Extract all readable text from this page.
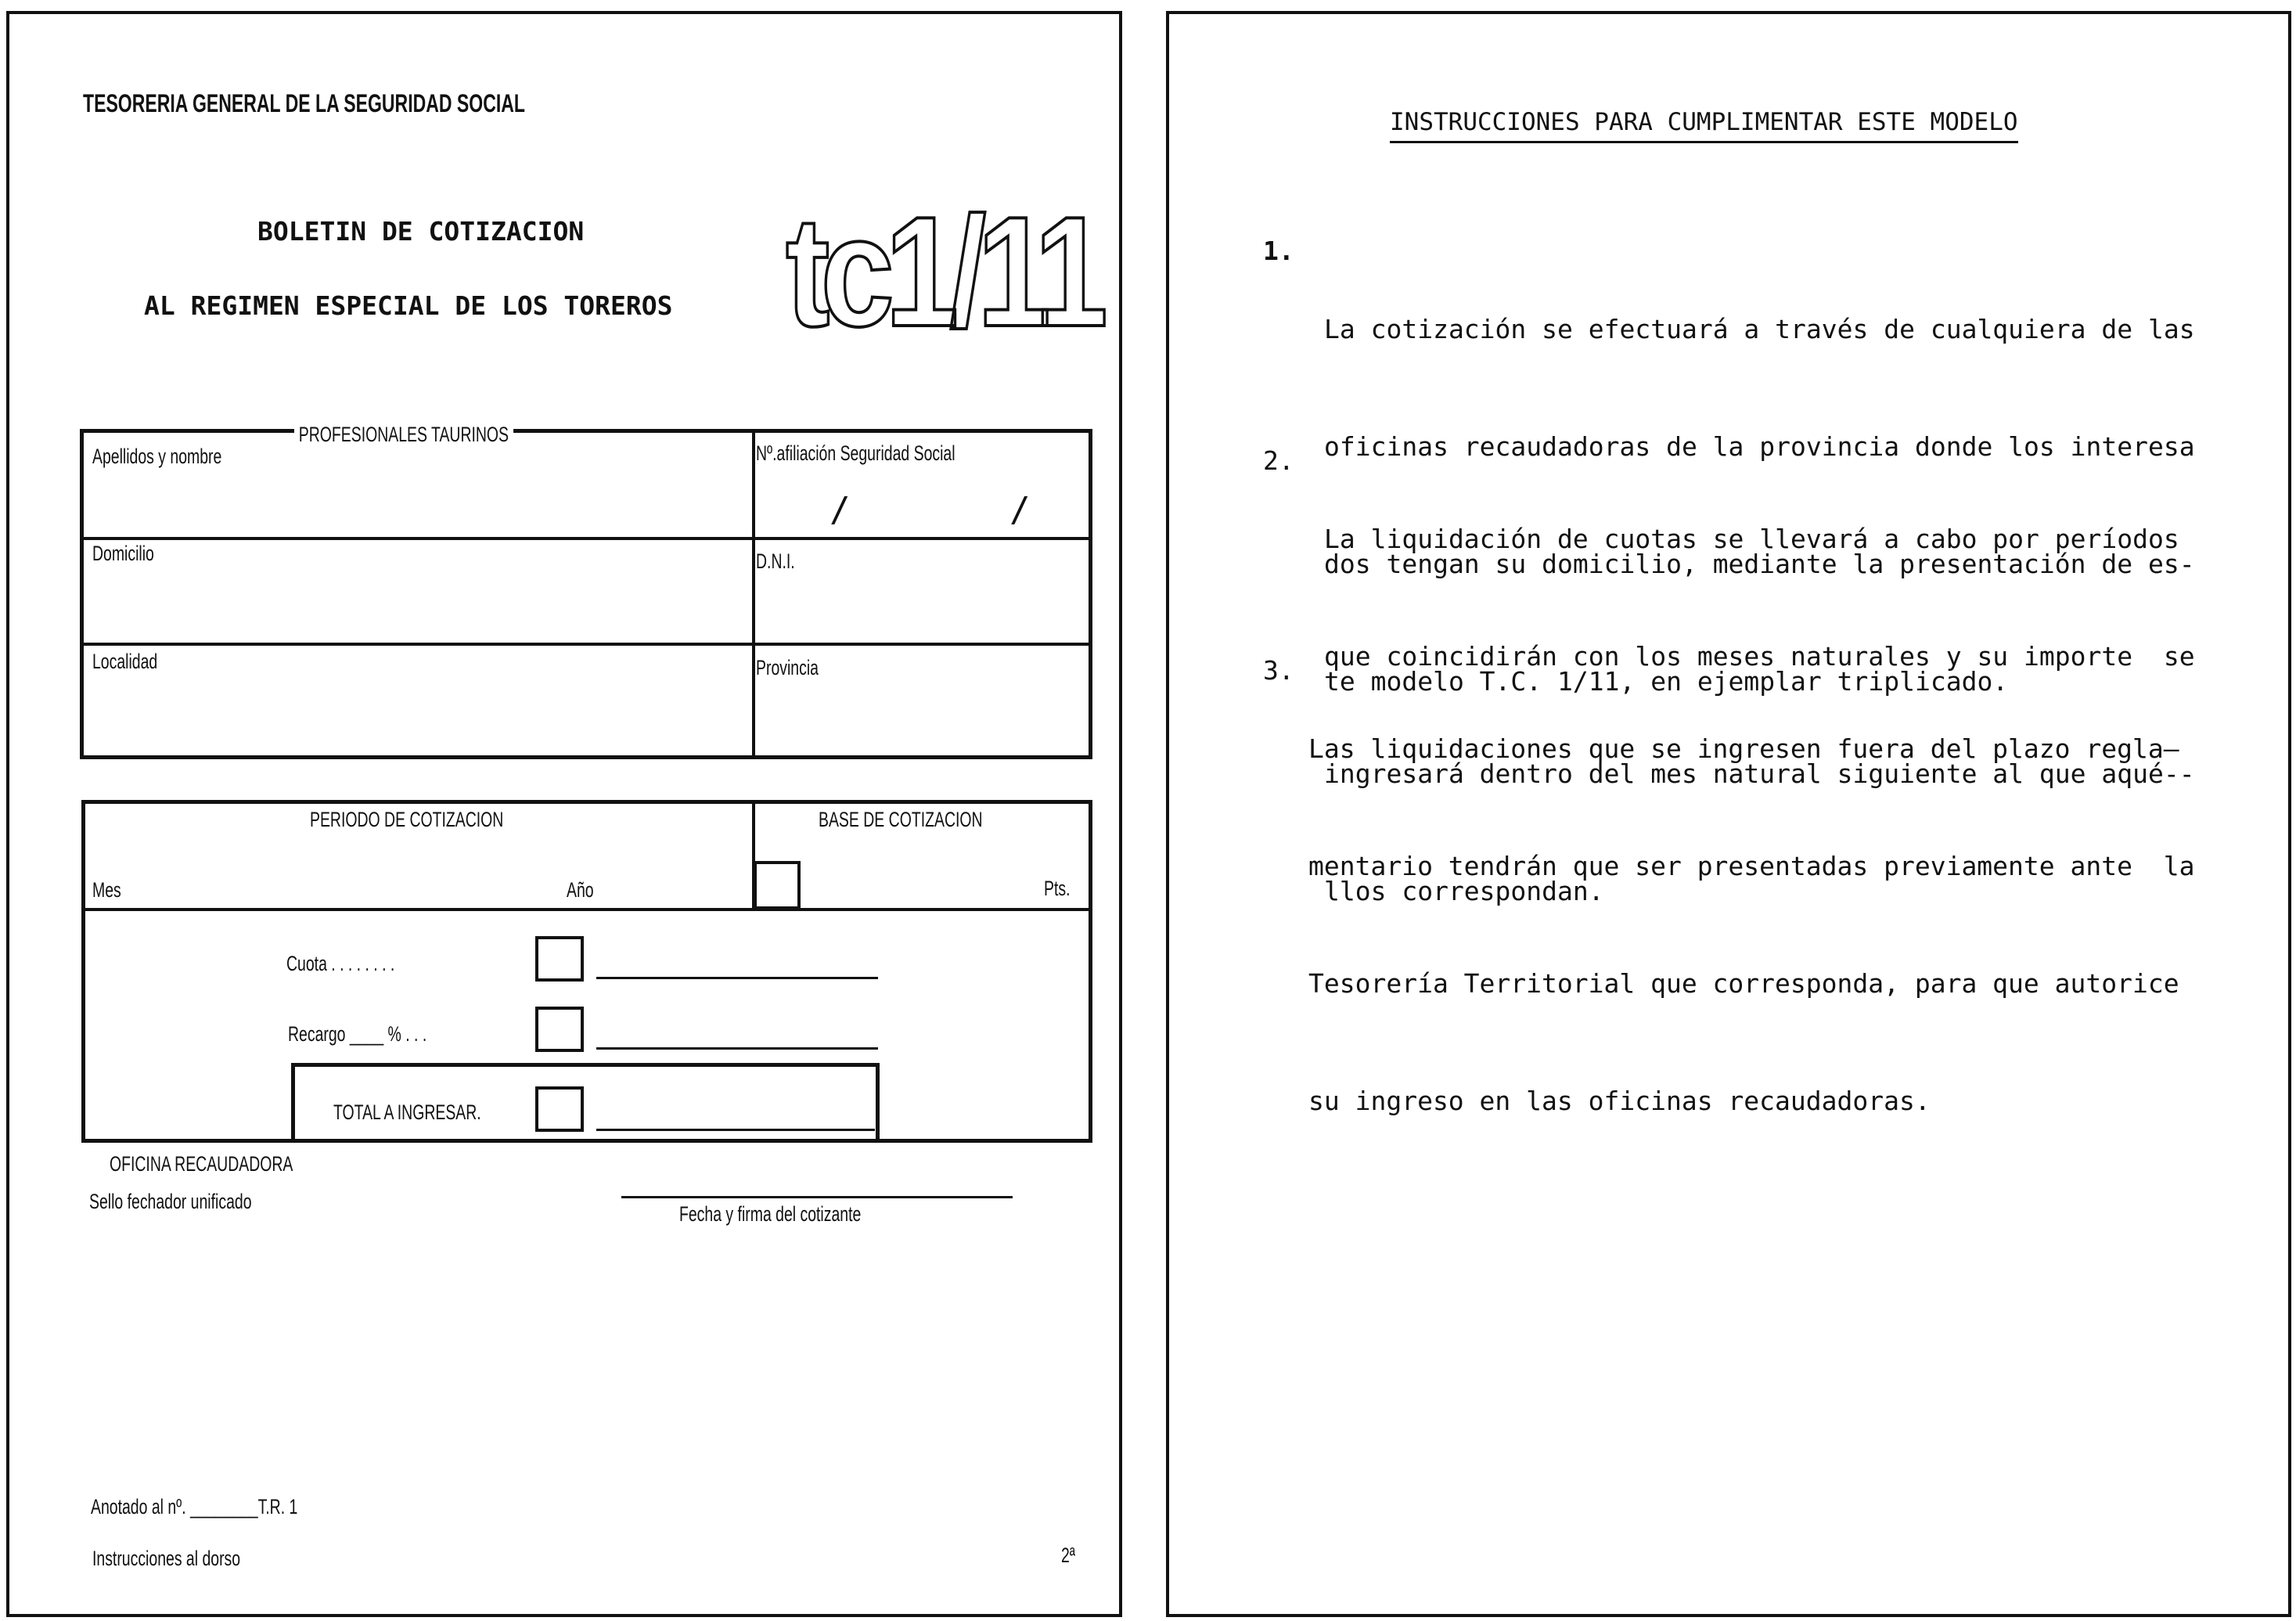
TESORERIA GENERAL DE LA SEGURIDAD SOCIAL
BOLETIN DE COTIZACION
AL REGIMEN ESPECIAL DE LOS TOREROS tc1/11
PROFESIONALES TAURINOS
Apellidos y nombre	Nº.afiliación Seguridad Social
/	/
Domicilio	D.N.I.
Localidad	Provincia
PERIODO DE COTIZACION	BASE DE COTIZACION
Mes	Año	Pts.
Cuota . . . . . . . .
Recargo ____ % . . .
TOTAL A INGRESAR.
OFICINA RECAUDADORA
Sello fechador unificado
Fecha y firma del cotizante
Anotado al nº. ________T.R. 1
Instrucciones al dorso	2ª
INSTRUCCIONES PARA CUMPLIMENTAR ESTE MODELO
1.

La cotización se efectuará a través de cualquiera de las

oficinas recaudadoras de la provincia donde los interesa

dos tengan su domicilio, mediante la presentación de es-

te modelo T.C. 1/11, en ejemplar triplicado.

2.

La liquidación de cuotas se llevará a cabo por períodos

que coincidirán con los meses naturales y su importe  se

ingresará dentro del mes natural siguiente al que aqué--

llos correspondan.

3.

Las liquidaciones que se ingresen fuera del plazo regla—

mentario tendrán que ser presentadas previamente ante  la

Tesorería Territorial que corresponda, para que autorice

su ingreso en las oficinas recaudadoras.
